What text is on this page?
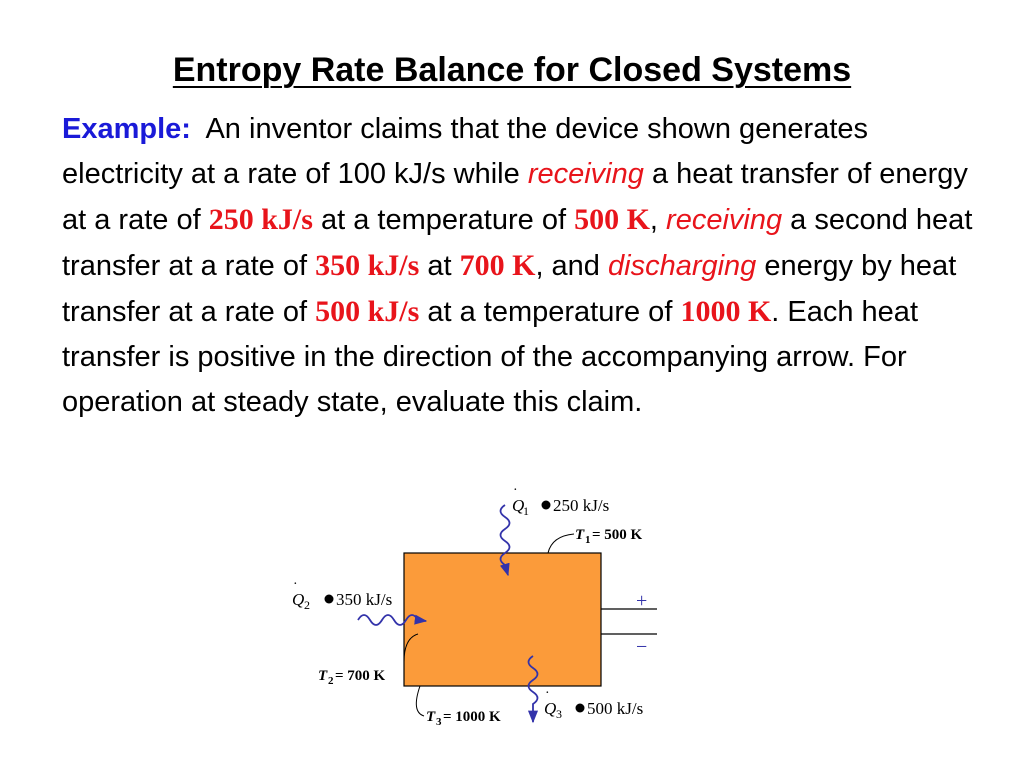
Entropy Rate Balance for Closed Systems

Example: An inventor claims that the device shown generates electricity at a rate of 100 kJ/s while receiving a heat transfer of energy at a rate of 250 kJ/s at a temperature of 500 K, receiving a second heat transfer at a rate of 350 kJ/s at 700 K, and discharging energy by heat transfer at a rate of 500 kJ/s at a temperature of 1000 K. Each heat transfer is positive in the direction of the accompanying arrow. For operation at steady state, evaluate this claim.

+
−
Q
·
1 250 kJ/s
T 1 = 500 K
Q
·
2 350 kJ/s
T 2 = 700 K
T 3 = 1000 K	Q
·
3 500 kJ/s
